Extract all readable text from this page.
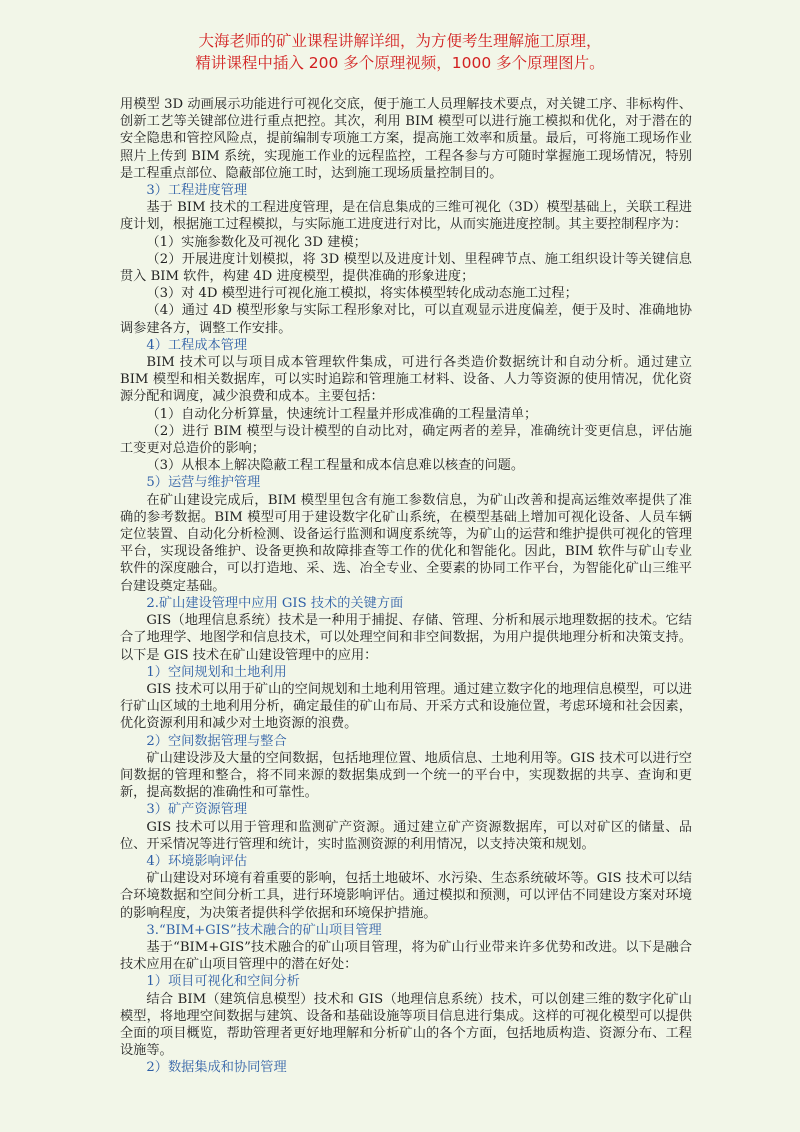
大海老师的矿业课程讲解详细，为方便考生理解施工原理，
精讲课程中插入 200 多个原理视频，1000 多个原理图片。

用模型 3D 动画展示功能进行可视化交底，便于施工人员理解技术要点，对关键工序、非标构件、创新工艺等关键部位进行重点把控。其次，利用 BIM 模型可以进行施工模拟和优化，对于潜在的安全隐患和管控风险点，提前编制专项施工方案，提高施工效率和质量。最后，可将施工现场作业照片上传到 BIM 系统，实现施工作业的远程监控，工程各参与方可随时掌握施工现场情况，特别是工程重点部位、隐蔽部位施工时，达到施工现场质量控制目的。

3）工程进度管理

基于 BIM 技术的工程进度管理，是在信息集成的三维可视化（3D）模型基础上，关联工程进度计划，根据施工过程模拟，与实际施工进度进行对比，从而实施进度控制。其主要控制程序为：

（1）实施参数化及可视化 3D 建模；

（2）开展进度计划模拟，将 3D 模型以及进度计划、里程碑节点、施工组织设计等关键信息贯入 BIM 软件，构建 4D 进度模型，提供准确的形象进度；

（3）对 4D 模型进行可视化施工模拟，将实体模型转化成动态施工过程；

（4）通过 4D 模型形象与实际工程形象对比，可以直观显示进度偏差，便于及时、准确地协调参建各方，调整工作安排。

4）工程成本管理

BIM 技术可以与项目成本管理软件集成，可进行各类造价数据统计和自动分析。通过建立 BIM 模型和相关数据库，可以实时追踪和管理施工材料、设备、人力等资源的使用情况，优化资源分配和调度，减少浪费和成本。主要包括：

（1）自动化分析算量，快速统计工程量并形成准确的工程量清单；

（2）进行 BIM 模型与设计模型的自动比对，确定两者的差异，准确统计变更信息，评估施工变更对总造价的影响；

（3）从根本上解决隐蔽工程工程量和成本信息难以核查的问题。

5）运营与维护管理

在矿山建设完成后，BIM 模型里包含有施工参数信息，为矿山改善和提高运维效率提供了准确的参考数据。BIM 模型可用于建设数字化矿山系统，在模型基础上增加可视化设备、人员车辆定位装置、自动化分析检测、设备运行监测和调度系统等，为矿山的运营和维护提供可视化的管理平台，实现设备维护、设备更换和故障排查等工作的优化和智能化。因此，BIM 软件与矿山专业软件的深度融合，可以打造地、采、选、冶全专业、全要素的协同工作平台，为智能化矿山三维平台建设奠定基础。

2.矿山建设管理中应用 GIS 技术的关键方面

GIS（地理信息系统）技术是一种用于捕捉、存储、管理、分析和展示地理数据的技术。它结合了地理学、地图学和信息技术，可以处理空间和非空间数据，为用户提供地理分析和决策支持。以下是 GIS 技术在矿山建设管理中的应用：

1）空间规划和土地利用

GIS 技术可以用于矿山的空间规划和土地利用管理。通过建立数字化的地理信息模型，可以进行矿山区域的土地利用分析，确定最佳的矿山布局、开采方式和设施位置，考虑环境和社会因素，优化资源利用和减少对土地资源的浪费。

2）空间数据管理与整合

矿山建设涉及大量的空间数据，包括地理位置、地质信息、土地利用等。GIS 技术可以进行空间数据的管理和整合，将不同来源的数据集成到一个统一的平台中，实现数据的共享、查询和更新，提高数据的准确性和可靠性。

3）矿产资源管理

GIS 技术可以用于管理和监测矿产资源。通过建立矿产资源数据库，可以对矿区的储量、品位、开采情况等进行管理和统计，实时监测资源的利用情况，以支持决策和规划。

4）环境影响评估

矿山建设对环境有着重要的影响，包括土地破坏、水污染、生态系统破坏等。GIS 技术可以结合环境数据和空间分析工具，进行环境影响评估。通过模拟和预测，可以评估不同建设方案对环境的影响程度，为决策者提供科学依据和环境保护措施。

3.“BIM+GIS”技术融合的矿山项目管理

基于“BIM+GIS”技术融合的矿山项目管理，将为矿山行业带来许多优势和改进。以下是融合技术应用在矿山项目管理中的潜在好处：

1）项目可视化和空间分析

结合 BIM（建筑信息模型）技术和 GIS（地理信息系统）技术，可以创建三维的数字化矿山模型，将地理空间数据与建筑、设备和基础设施等项目信息进行集成。这样的可视化模型可以提供全面的项目概览，帮助管理者更好地理解和分析矿山的各个方面，包括地质构造、资源分布、工程设施等。

2）数据集成和协同管理
